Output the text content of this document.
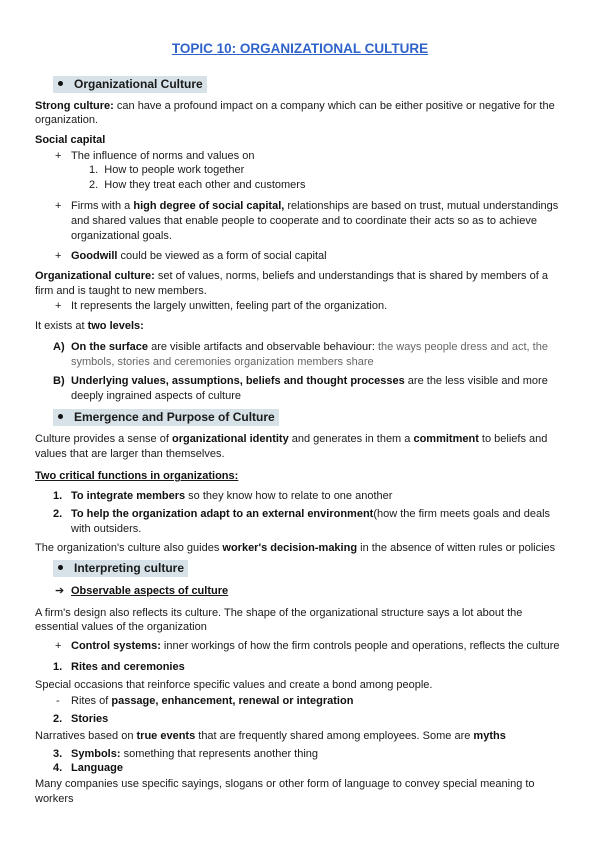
TOPIC 10: ORGANIZATIONAL CULTURE
Organizational Culture
Strong culture: can have a profound impact on a company which can be either positive or negative for the
organization.
Social capital
+ The influence of norms and values on
1.  How to people work together
2.  How they treat each other and customers
+ Firms with a high degree of social capital, relationships are based on trust, mutual understandings
and shared values that enable people to cooperate and to coordinate their acts so as to achieve
organizational goals.
+ Goodwill could be viewed as a form of social capital
Organizational culture: set of values, norms, beliefs and understandings that is shared by members of a
firm and is taught to new members.
+ It represents the largely unwitten, feeling part of the organization.
It exists at two levels:
A) On the surface are visible artifacts and observable behaviour: the ways people dress and act, the
symbols, stories and ceremonies organization members share
B) Underlying values, assumptions, beliefs and thought processes are the less visible and more
deeply ingrained aspects of culture
Emergence and Purpose of Culture
Culture provides a sense of organizational identity and generates in them a commitment to beliefs and
values that are larger than themselves.
Two critical functions in organizations:
1. To integrate members so they know how to relate to one another
2. To help the organization adapt to an external environment(how the firm meets goals and deals
with outsiders.
The organization's culture also guides worker's decision-making in the absence of witten rules or policies
Interpreting culture
➔ Observable aspects of culture
A firm's design also reflects its culture. The shape of the organizational structure says a lot about the
essential values of the organization
+ Control systems: inner workings of how the firm controls people and operations, reflects the culture
1. Rites and ceremonies
Special occasions that reinforce specific values and create a bond among people.
- Rites of passage, enhancement, renewal or integration
2. Stories
Narratives based on true events that are frequently shared among employees. Some are myths
3. Symbols: something that represents another thing
4. Language
Many companies use specific sayings, slogans or other form of language to convey special meaning to
workers
